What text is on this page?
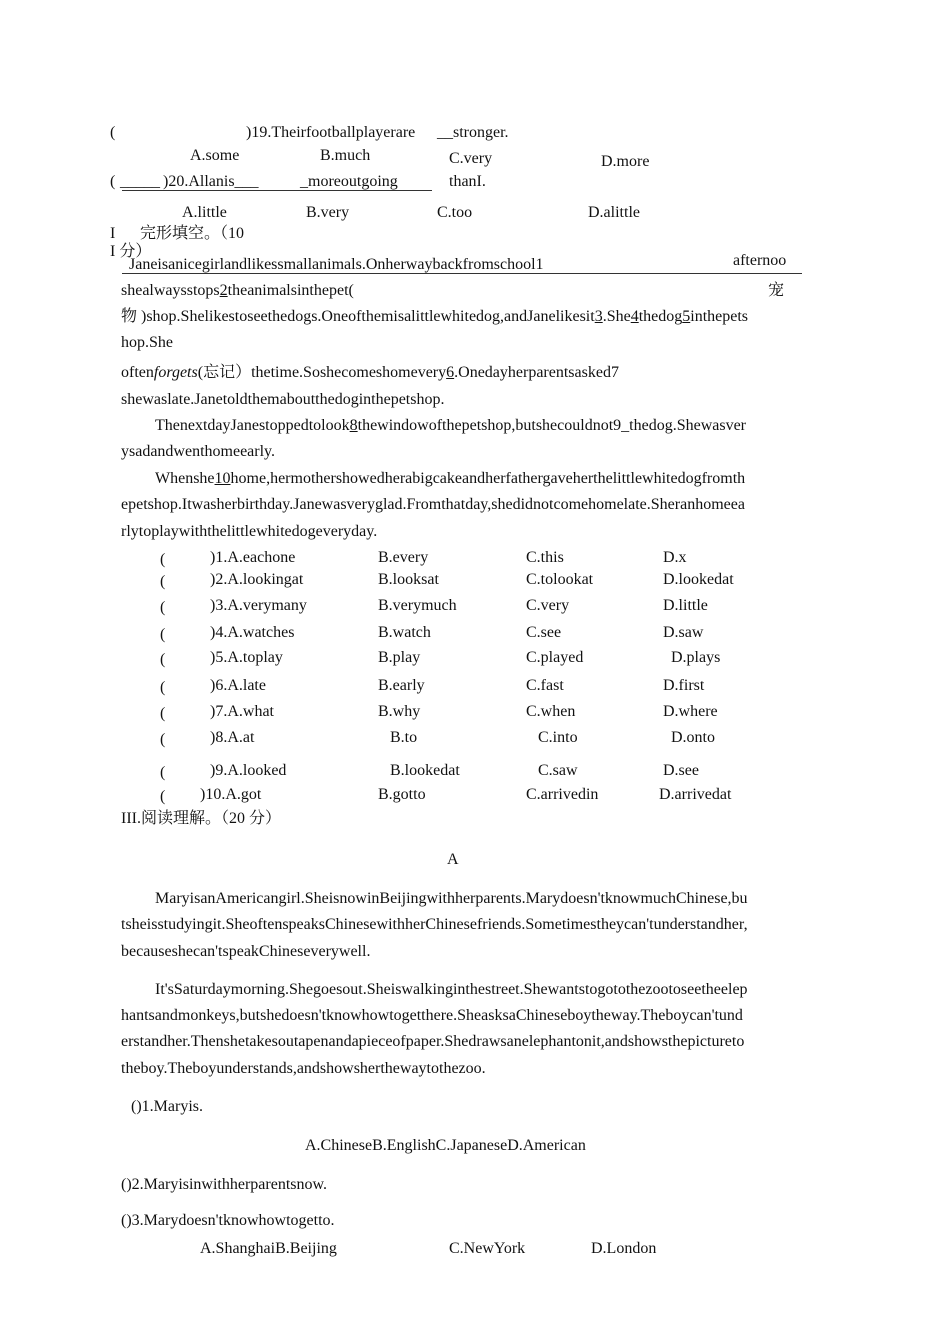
(	)19.Theirfootballplayerare __stronger.
A.some	B.much	C.very	D.more
( _____ )20.Allanis___	_moreoutgoing	thanI.
A.little	B.very	C.too	D.alittle
I 完形填空。（10
I 分）
Janeisanicegirlandlikessmallanimals.Onherwaybackfromschool1	afternoo
shealwaysstops2theanimalsinthepet(	宠
物 )shop.Shelikestoseethedogs.Oneofthemisalittlewhitedog,andJanelikesit3.She4thedog5inthepets
hop.She
oftenforgets(忘记）thetime.Soshecomeshomevery6.Onedayherparentsasked7
shewaslate.Janetoldthemaboutthedoginthepetshop.
ThenextdayJanestoppedtolook8thewindowofthepetshop,butshecouldnot9_thedog.Shewasver
ysadandwenthomeearly.
Whenshe10home,hermothershowedherabigcakeandherfathergaveherthelittlewhitedogfromth
epetshop.Itwasherbirthday.Janewasveryglad.Fromthatday,shedidnotcomehomelate.Sheranhomeea
rlytoplaywiththelittlewhitedogeveryday.
(	)1.A.eachone	B.every	C.this	D.x
(	)2.A.lookingat	B.looksat	C.tolookat	D.lookedat
(	)3.A.verymany	B.verymuch	C.very	D.little
(	)4.A.watches	B.watch	C.see	D.saw
(	)5.A.toplay	B.play	C.played	D.plays
(	)6.A.late	B.early	C.fast	D.first
(	)7.A.what	B.why	C.when	D.where
(	)8.A.at	B.to	C.into	D.onto
(	)9.A.looked	B.lookedat	C.saw	D.see
( )10.A.got	B.gotto	C.arrivedin	D.arrivedat
III.阅读理解。（20 分）
A
MaryisanAmericangirl.SheisnowinBeijingwithherparents.Marydoesn'tknowmuchChinese,bu
tsheisstudyingit.SheoftenspeaksChinesewithherChinesefriends.Sometimestheycan'tunderstandher,
becauseshecan'tspeakChineseverywell.
It'sSaturdaymorning.Shegoesout.Sheiswalkinginthestreet.Shewantstogotothezootoseetheelep
hantsandmonkeys,butshedoesn'tknowhowtogetthere.SheasksaChineseboytheway.Theboycan'tund
erstandher.Thenshetakesoutapenandapieceofpaper.Shedrawsanelephantonit,andshowsthepictureto
theboy.Theboyunderstands,andshowsherthewaytothezoo.
()1.Maryis.
A.ChineseB.EnglishC.JapaneseD.American
()2.Maryisinwithherparentsnow.
()3.Marydoesn'tknowhowtogetto.
A.ShanghaiB.Beijing	C.NewYork	D.London
